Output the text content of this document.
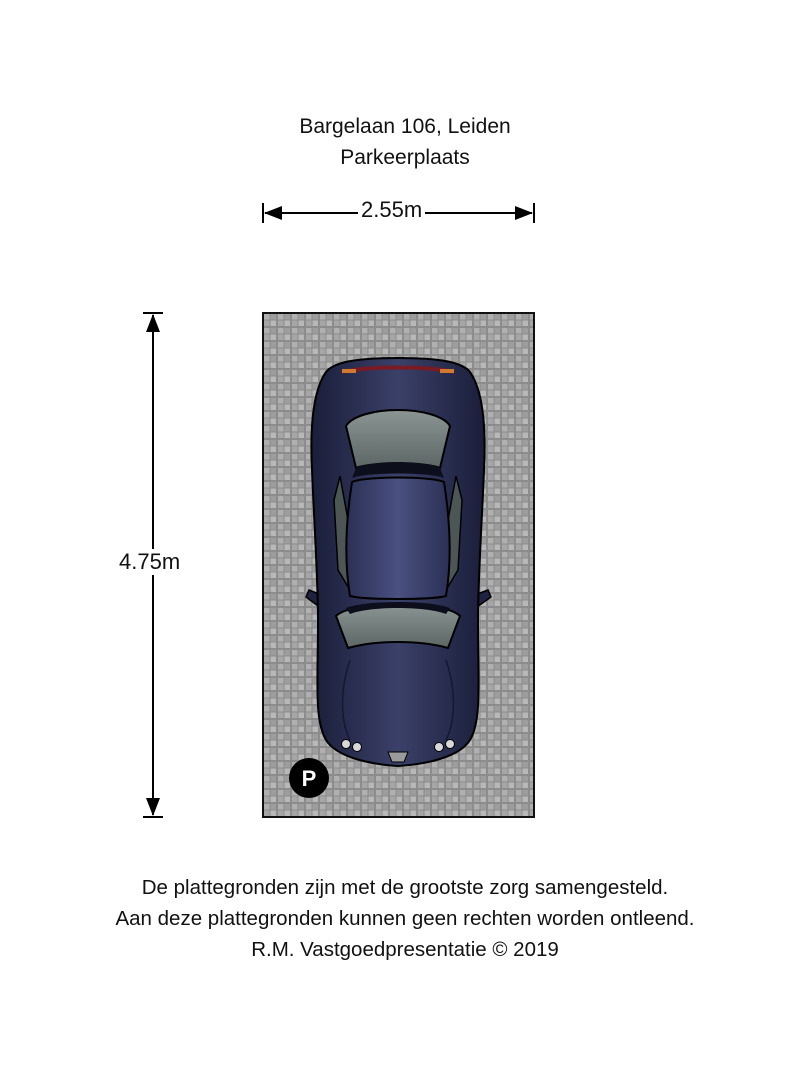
Bargelaan 106, Leiden
Parkeerplaats
P
2.55m
4.75m
De plattegronden zijn met de grootste zorg samengesteld.
Aan deze plattegronden kunnen geen rechten worden ontleend.
R.M. Vastgoedpresentatie © 2019
